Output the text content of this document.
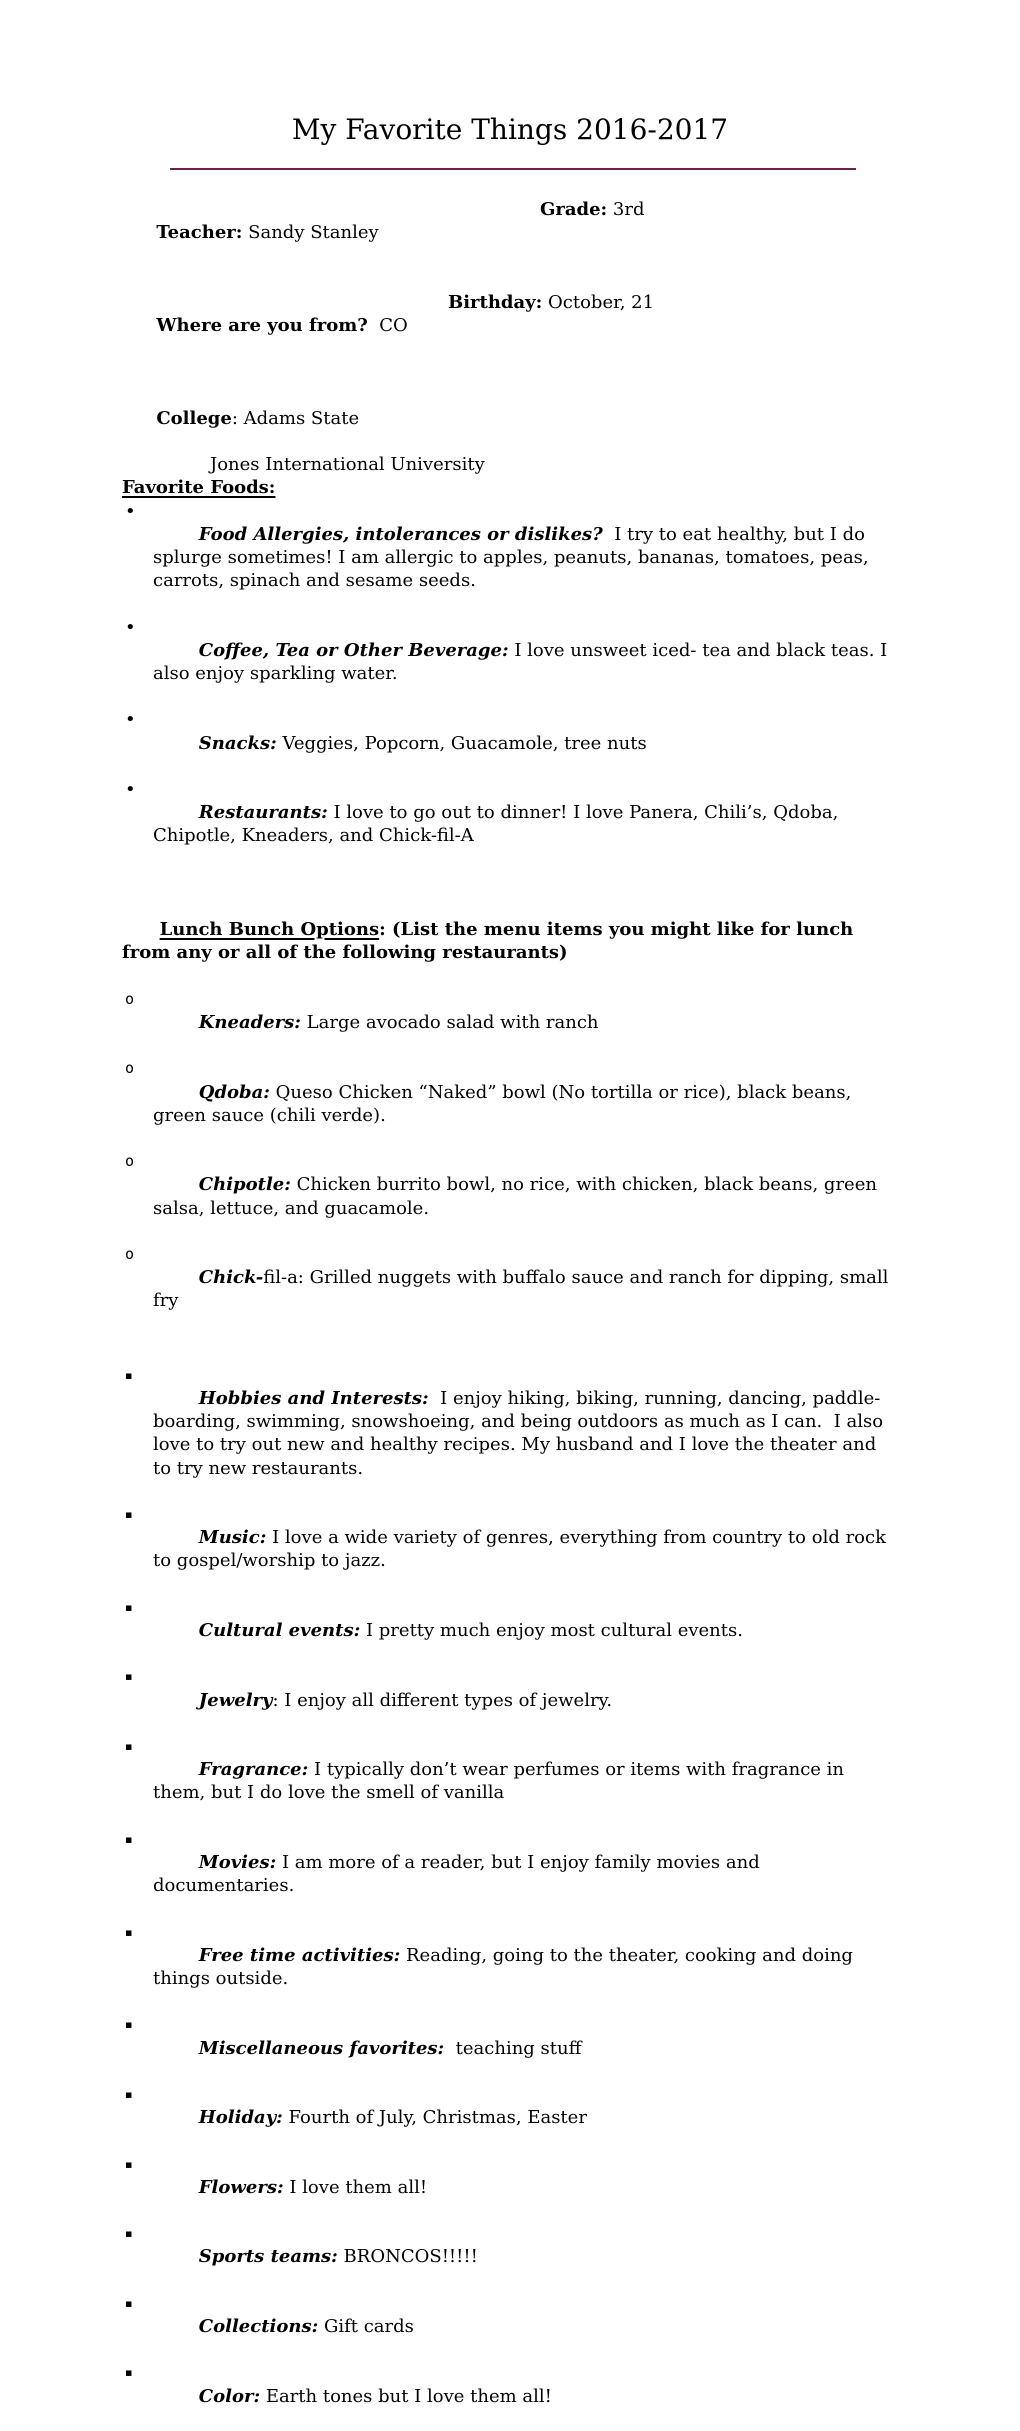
My Favorite Things 2016-2017

Teacher: Sandy Stanley

Grade: 3rd

Where are you from?  CO

Birthday: October, 21

College: Adams State

Jones International University
Favorite Foods:

•
Food Allergies, intolerances or dislikes?  I try to eat healthy, but I do splurge sometimes! I am allergic to apples, peanuts, bananas, tomatoes, peas, carrots, spinach and sesame seeds.

•
Coffee, Tea or Other Beverage: I love unsweet iced- tea and black teas. I also enjoy sparkling water.

•
Snacks: Veggies, Popcorn, Guacamole, tree nuts

•
Restaurants: I love to go out to dinner! I love Panera, Chili’s, Qdoba, Chipotle, Kneaders, and Chick-fil-A

Lunch Bunch Options: (List the menu items you might like for lunch from any or all of the following restaurants)

o
Kneaders: Large avocado salad with ranch

o
Qdoba: Queso Chicken “Naked” bowl (No tortilla or rice), black beans, green sauce (chili verde).

o
Chipotle: Chicken burrito bowl, no rice, with chicken, black beans, green salsa, lettuce, and guacamole.

o
Chick-fil-a: Grilled nuggets with buffalo sauce and ranch for dipping, small fry

▪
Hobbies and Interests:  I enjoy hiking, biking, running, dancing, paddle-boarding, swimming, snowshoeing, and being outdoors as much as I can.  I also love to try out new and healthy recipes. My husband and I love the theater and to try new restaurants.

▪
Music: I love a wide variety of genres, everything from country to old rock to gospel/worship to jazz.

▪
Cultural events: I pretty much enjoy most cultural events.

▪
Jewelry: I enjoy all different types of jewelry.

▪
Fragrance: I typically don’t wear perfumes or items with fragrance in them, but I do love the smell of vanilla

▪
Movies: I am more of a reader, but I enjoy family movies and documentaries.

▪
Free time activities: Reading, going to the theater, cooking and doing things outside.

▪
Miscellaneous favorites:  teaching stuff

▪
Holiday: Fourth of July, Christmas, Easter

▪
Flowers: I love them all!

▪
Sports teams: BRONCOS!!!!!

▪
Collections: Gift cards

▪
Color: Earth tones but I love them all!
